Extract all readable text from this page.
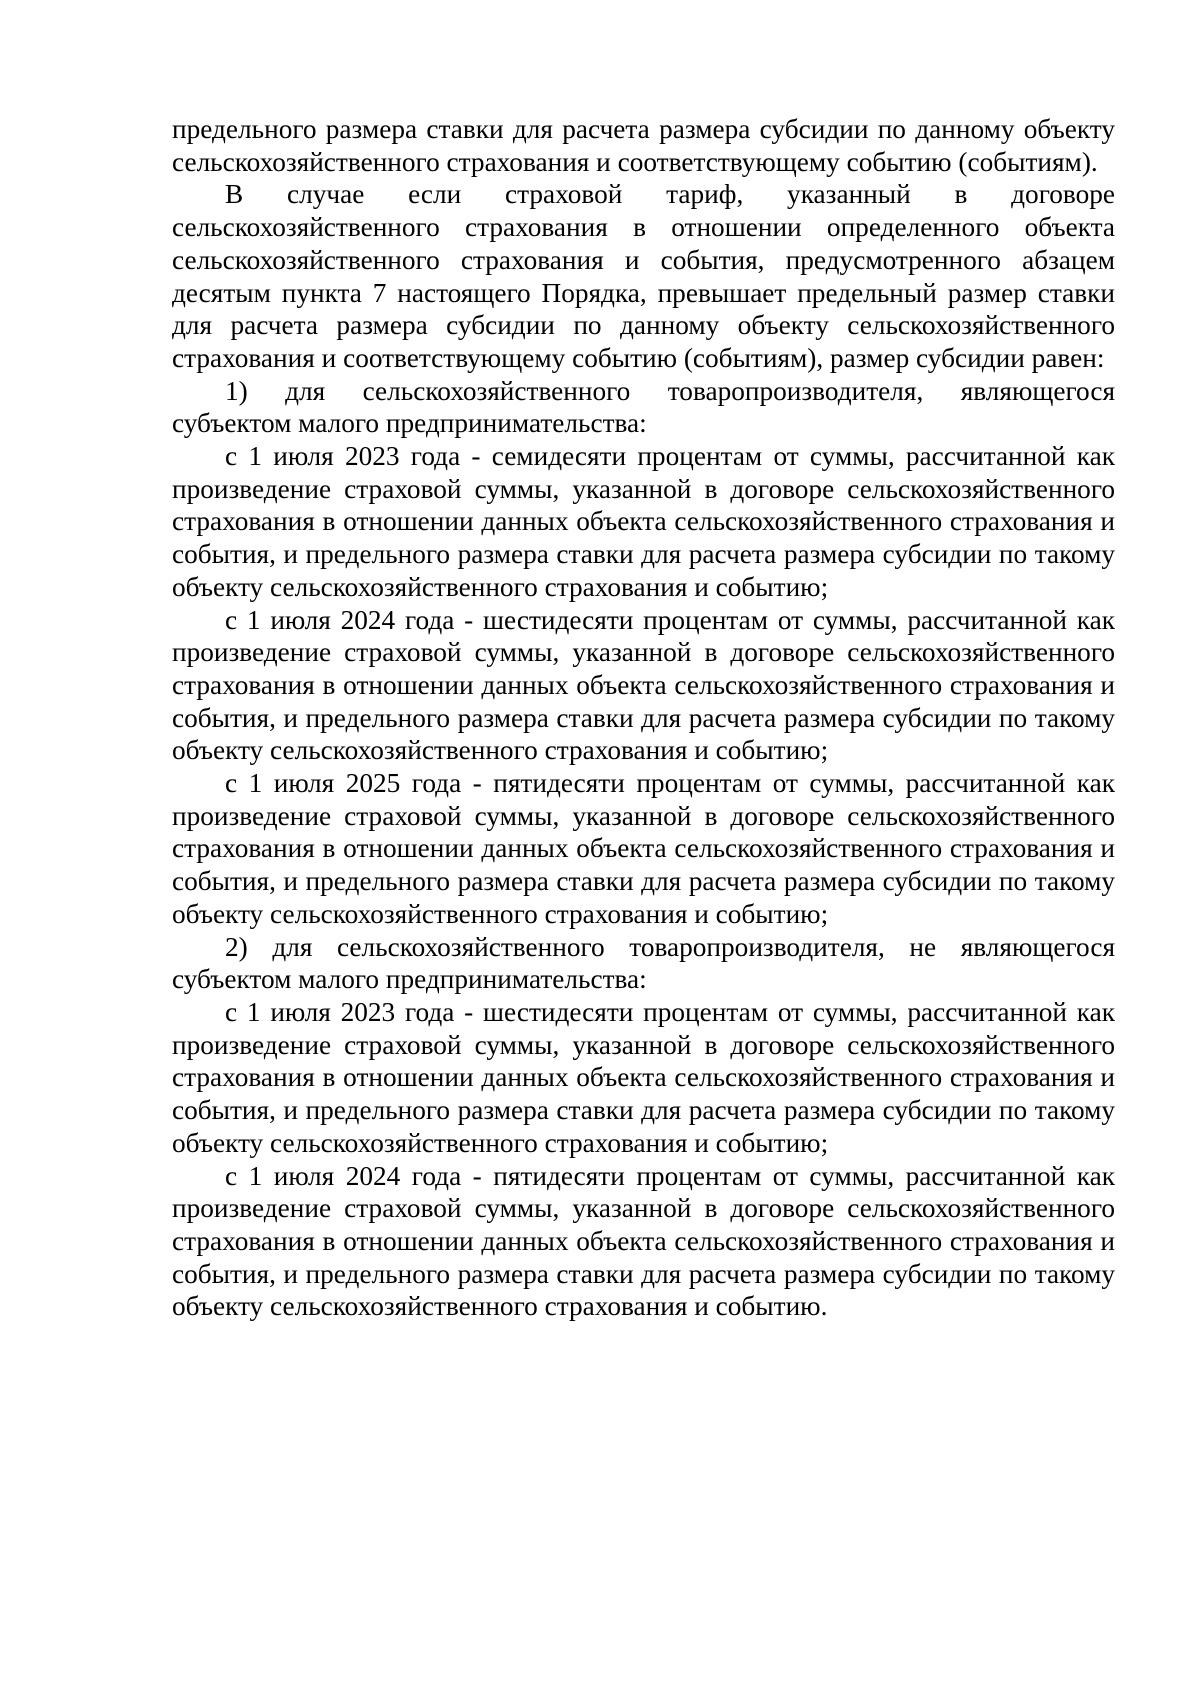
предельного размера ставки для расчета размера субсидии по данному объекту сельскохозяйственного страхования и соответствующему событию (событиям).

В случае если страховой тариф, указанный в договоре сельскохозяйственного страхования в отношении определенного объекта сельскохозяйственного страхования и события, предусмотренного абзацем десятым пункта 7 настоящего Порядка, превышает предельный размер ставки для расчета размера субсидии по данному объекту сельскохозяйственного страхования и соответствующему событию (событиям), размер субсидии равен:

1) для сельскохозяйственного товаропроизводителя, являющегося субъектом малого предпринимательства:

с 1 июля 2023 года - семидесяти процентам от суммы, рассчитанной как произведение страховой суммы, указанной в договоре сельскохозяйственного страхования в отношении данных объекта сельскохозяйственного страхования и события, и предельного размера ставки для расчета размера субсидии по такому объекту сельскохозяйственного страхования и событию;

с 1 июля 2024 года - шестидесяти процентам от суммы, рассчитанной как произведение страховой суммы, указанной в договоре сельскохозяйственного страхования в отношении данных объекта сельскохозяйственного страхования и события, и предельного размера ставки для расчета размера субсидии по такому объекту сельскохозяйственного страхования и событию;

с 1 июля 2025 года - пятидесяти процентам от суммы, рассчитанной как произведение страховой суммы, указанной в договоре сельскохозяйственного страхования в отношении данных объекта сельскохозяйственного страхования и события, и предельного размера ставки для расчета размера субсидии по такому объекту сельскохозяйственного страхования и событию;

2) для сельскохозяйственного товаропроизводителя, не являющегося субъектом малого предпринимательства:

с 1 июля 2023 года - шестидесяти процентам от суммы, рассчитанной как произведение страховой суммы, указанной в договоре сельскохозяйственного страхования в отношении данных объекта сельскохозяйственного страхования и события, и предельного размера ставки для расчета размера субсидии по такому объекту сельскохозяйственного страхования и событию;

с 1 июля 2024 года - пятидесяти процентам от суммы, рассчитанной как произведение страховой суммы, указанной в договоре сельскохозяйственного страхования в отношении данных объекта сельскохозяйственного страхования и события, и предельного размера ставки для расчета размера субсидии по такому объекту сельскохозяйственного страхования и событию.
